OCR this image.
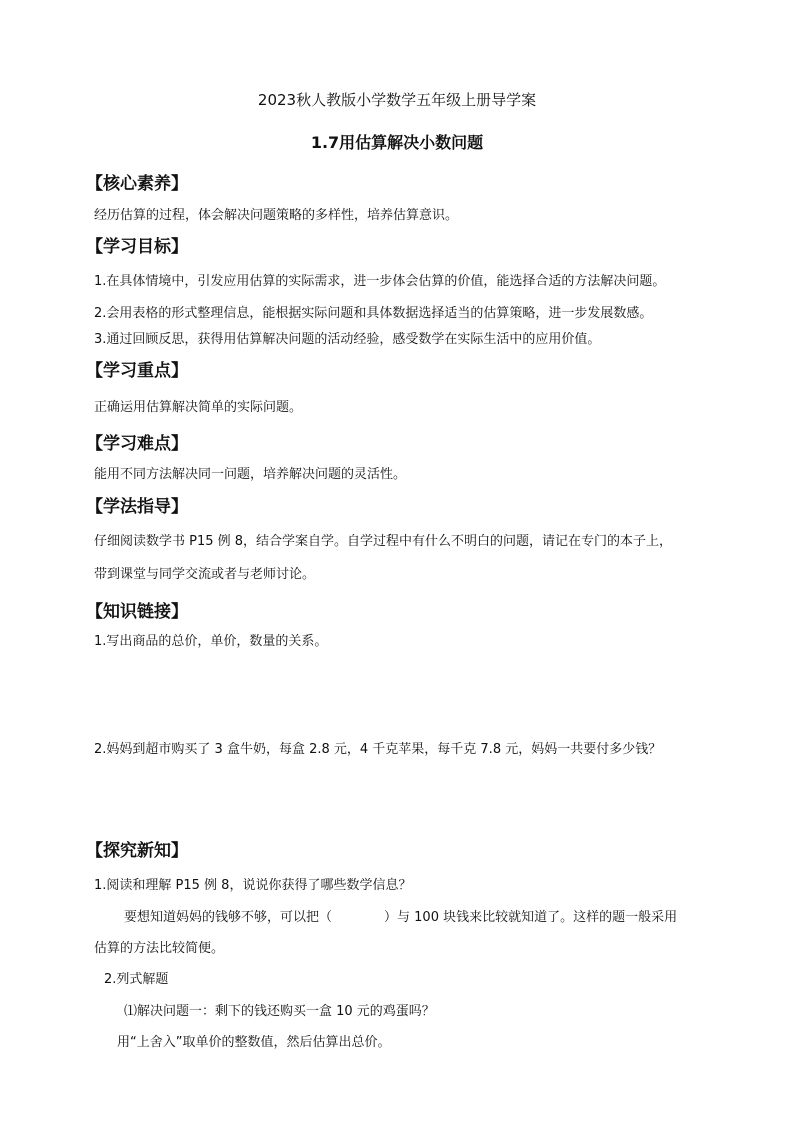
2023秋人教版小学数学五年级上册导学案
1.7用估算解决小数问题
【核心素养】
经历估算的过程，体会解决问题策略的多样性，培养估算意识。
【学习目标】
1.在具体情境中，引发应用估算的实际需求，进一步体会估算的价值，能选择合适的方法解决问题。
2.会用表格的形式整理信息，能根据实际问题和具体数据选择适当的估算策略，进一步发展数感。
3.通过回顾反思，获得用估算解决问题的活动经验，感受数学在实际生活中的应用价值。
【学习重点】
正确运用估算解决简单的实际问题。
【学习难点】
能用不同方法解决同一问题，培养解决问题的灵活性。
【学法指导】
仔细阅读数学书 P15 例 8，结合学案自学。自学过程中有什么不明白的问题，请记在专门的本子上，
带到课堂与同学交流或者与老师讨论。
【知识链接】
1.写出商品的总价，单价，数量的关系。
2.妈妈到超市购买了 3 盒牛奶，每盒 2.8 元，4 千克苹果，每千克 7.8 元，妈妈一共要付多少钱？
【探究新知】
1.阅读和理解 P15 例 8，说说你获得了哪些数学信息？
要想知道妈妈的钱够不够，可以把（	）与 100 块钱来比较就知道了。这样的题一般采用
估算的方法比较简便。
2.列式解题
⑴解决问题一：剩下的钱还购买一盒 10 元的鸡蛋吗？
用“上舍入”取单价的整数值，然后估算出总价。
